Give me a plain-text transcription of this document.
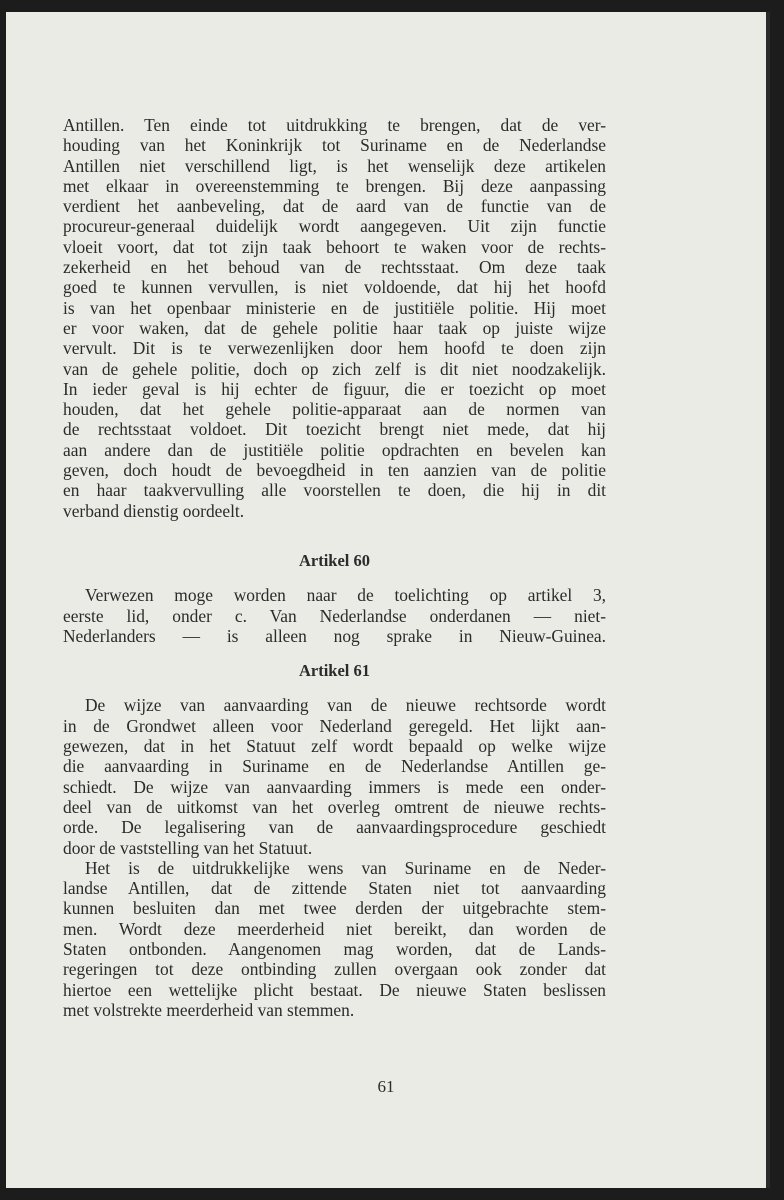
Antillen. Ten einde tot uitdrukking te brengen, dat de ver-
houding van het Koninkrijk tot Suriname en de Nederlandse
Antillen niet verschillend ligt, is het wenselijk deze artikelen
met elkaar in overeenstemming te brengen. Bij deze aanpassing
verdient het aanbeveling, dat de aard van de functie van de
procureur-generaal duidelijk wordt aangegeven. Uit zijn functie
vloeit voort, dat tot zijn taak behoort te waken voor de rechts-
zekerheid en het behoud van de rechtsstaat. Om deze taak
goed te kunnen vervullen, is niet voldoende, dat hij het hoofd
is van het openbaar ministerie en de justitiële politie. Hij moet
er voor waken, dat de gehele politie haar taak op juiste wijze
vervult. Dit is te verwezenlijken door hem hoofd te doen zijn
van de gehele politie, doch op zich zelf is dit niet noodzakelijk.
In ieder geval is hij echter de figuur, die er toezicht op moet
houden, dat het gehele politie-apparaat aan de normen van
de rechtsstaat voldoet. Dit toezicht brengt niet mede, dat hij
aan andere dan de justitiële politie opdrachten en bevelen kan
geven, doch houdt de bevoegdheid in ten aanzien van de politie
en haar taakvervulling alle voorstellen te doen, die hij in dit
verband dienstig oordeelt.
Artikel 60
Verwezen moge worden naar de toelichting op artikel 3,
eerste lid, onder c. Van Nederlandse onderdanen — niet-
Nederlanders — is alleen nog sprake in Nieuw-Guinea.
Artikel 61
De wijze van aanvaarding van de nieuwe rechtsorde wordt
in de Grondwet alleen voor Nederland geregeld. Het lijkt aan-
gewezen, dat in het Statuut zelf wordt bepaald op welke wijze
die aanvaarding in Suriname en de Nederlandse Antillen ge-
schiedt. De wijze van aanvaarding immers is mede een onder-
deel van de uitkomst van het overleg omtrent de nieuwe rechts-
orde. De legalisering van de aanvaardingsprocedure geschiedt
door de vaststelling van het Statuut.
Het is de uitdrukkelijke wens van Suriname en de Neder-
landse Antillen, dat de zittende Staten niet tot aanvaarding
kunnen besluiten dan met twee derden der uitgebrachte stem-
men. Wordt deze meerderheid niet bereikt, dan worden de
Staten ontbonden. Aangenomen mag worden, dat de Lands-
regeringen tot deze ontbinding zullen overgaan ook zonder dat
hiertoe een wettelijke plicht bestaat. De nieuwe Staten beslissen
met volstrekte meerderheid van stemmen.
61
